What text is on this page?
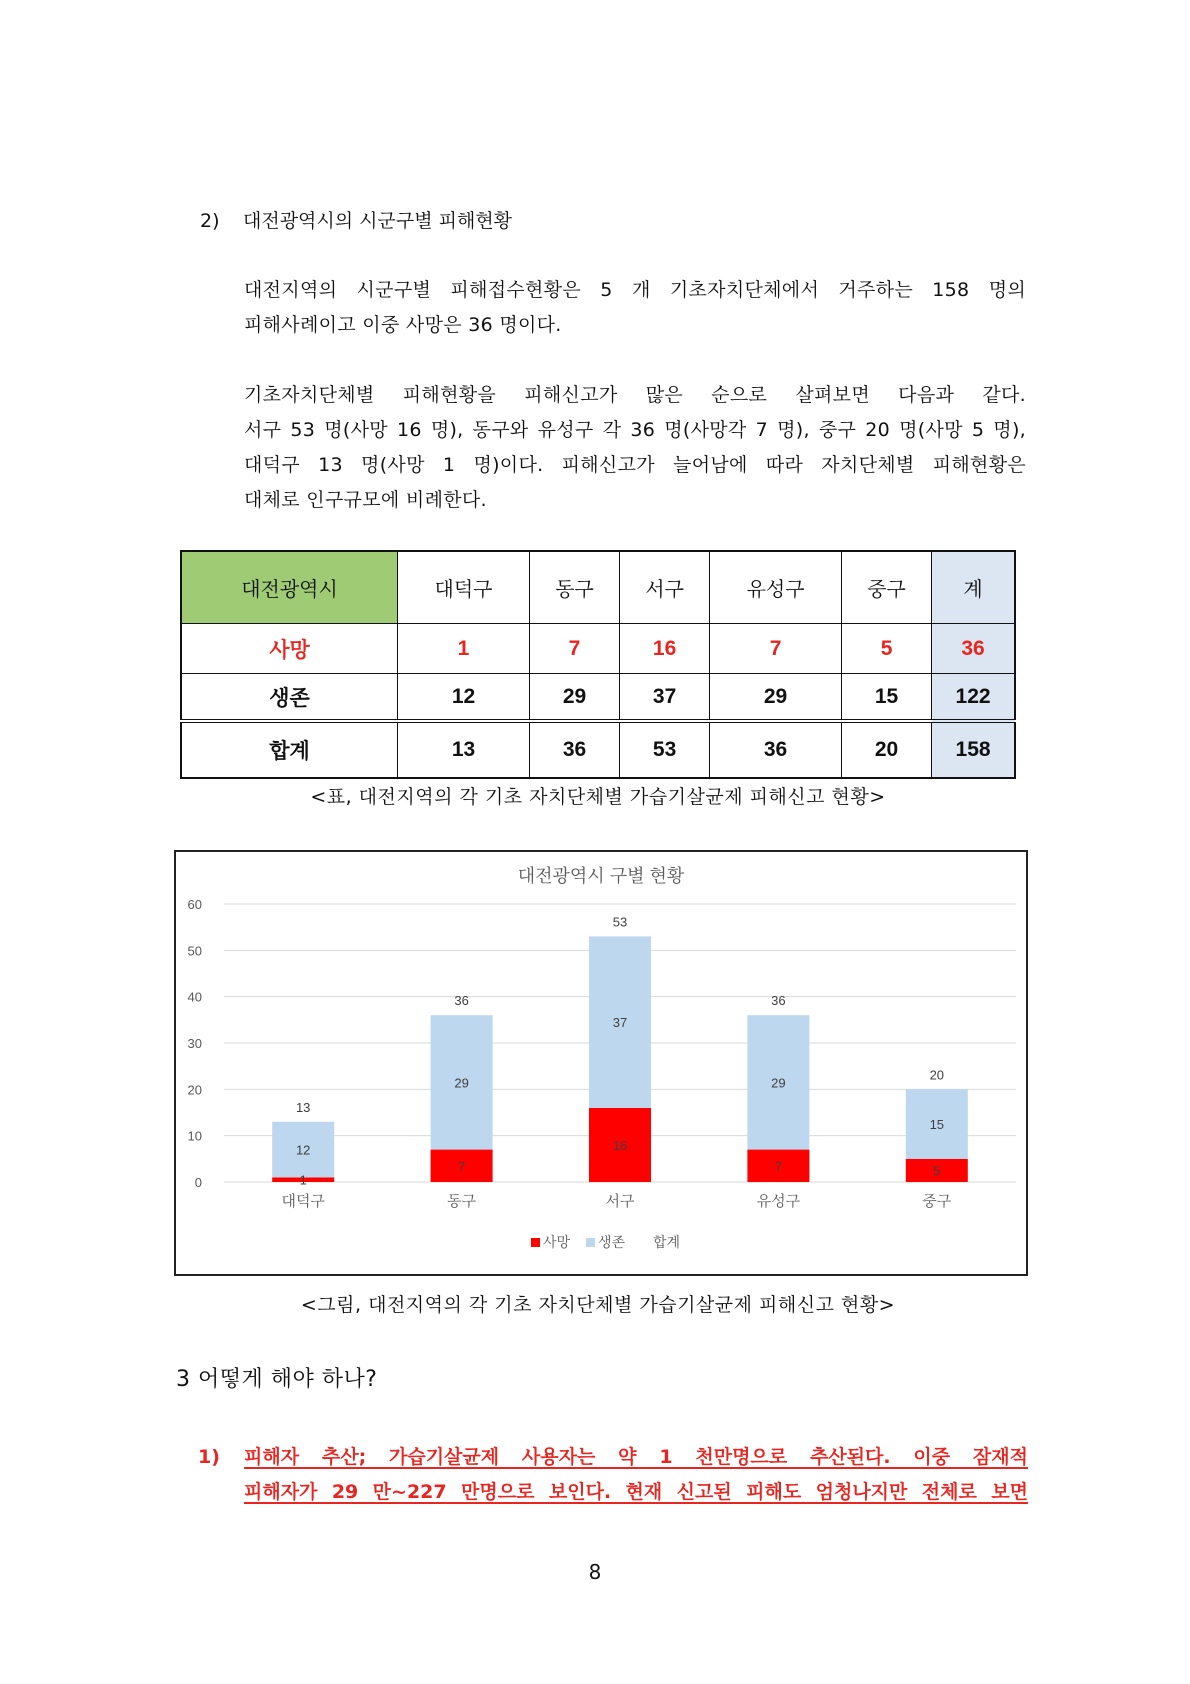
2) 대전광역시의 시군구별 피해현황
대전지역의 시군구별 피해접수현황은 5 개 기초자치단체에서 거주하는 158 명의
피해사례이고 이중 사망은 36 명이다.
기초자치단체별 피해현황을 피해신고가 많은 순으로 살펴보면 다음과 같다.
서구 53 명(사망 16 명), 동구와 유성구 각 36 명(사망각 7 명), 중구 20 명(사망 5 명),
대덕구 13 명(사망 1 명)이다. 피해신고가 늘어남에 따라 자치단체별 피해현황은
대체로 인구규모에 비례한다.
대전광역시	대덕구	동구	서구	유성구	중구	계
사망	1	7	16	7	5	36
생존	12	29	37	29	15	122
합계	13	36	53	36	20	158
<표, 대전지역의 각 기초 자치단체별 가습기살균제 피해신고 현황>
대전광역시 구별 현황
0
10
20
30
40
50
60
1
12
13
대덕구
7
29
36
동구
16
37
53
서구
7
29
36
유성구
5
15
20
중구
사망 생존 합계
<그림, 대전지역의 각 기초 자치단체별 가습기살균제 피해신고 현황>
3 어떻게 해야 하나?
1)	피해자 추산; 가습기살균제 사용자는 약 1 천만명으로 추산된다. 이중 잠재적
피해자가 29 만~227 만명으로 보인다. 현재 신고된 피해도 엄청나지만 전체로 보면
8
